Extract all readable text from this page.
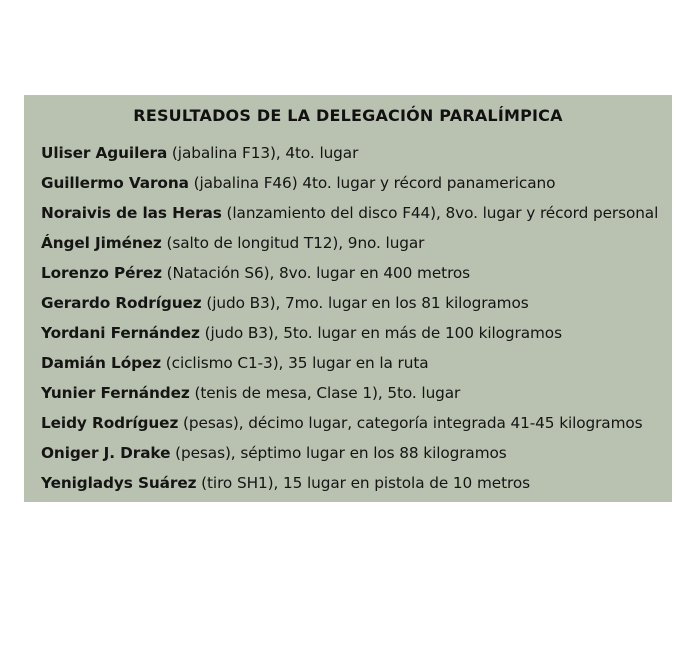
RESULTADOS DE LA DELEGACIÓN PARALÍMPICA
Uliser Aguilera (jabalina F13), 4to. lugar
Guillermo Varona (jabalina F46) 4to. lugar y récord panamericano
Noraivis de las Heras (lanzamiento del disco F44), 8vo. lugar y récord personal
Ángel Jiménez (salto de longitud T12), 9no. lugar
Lorenzo Pérez (Natación S6), 8vo. lugar en 400 metros
Gerardo Rodríguez (judo B3), 7mo. lugar en los 81 kilogramos
Yordani Fernández (judo B3), 5to. lugar en más de 100 kilogramos
Damián López (ciclismo C1-3), 35 lugar en la ruta
Yunier Fernández (tenis de mesa, Clase 1), 5to. lugar
Leidy Rodríguez (pesas), décimo lugar, categoría integrada 41-45 kilogramos
Oniger J. Drake (pesas), séptimo lugar en los 88 kilogramos
Yenigladys Suárez (tiro SH1), 15 lugar en pistola de 10 metros
